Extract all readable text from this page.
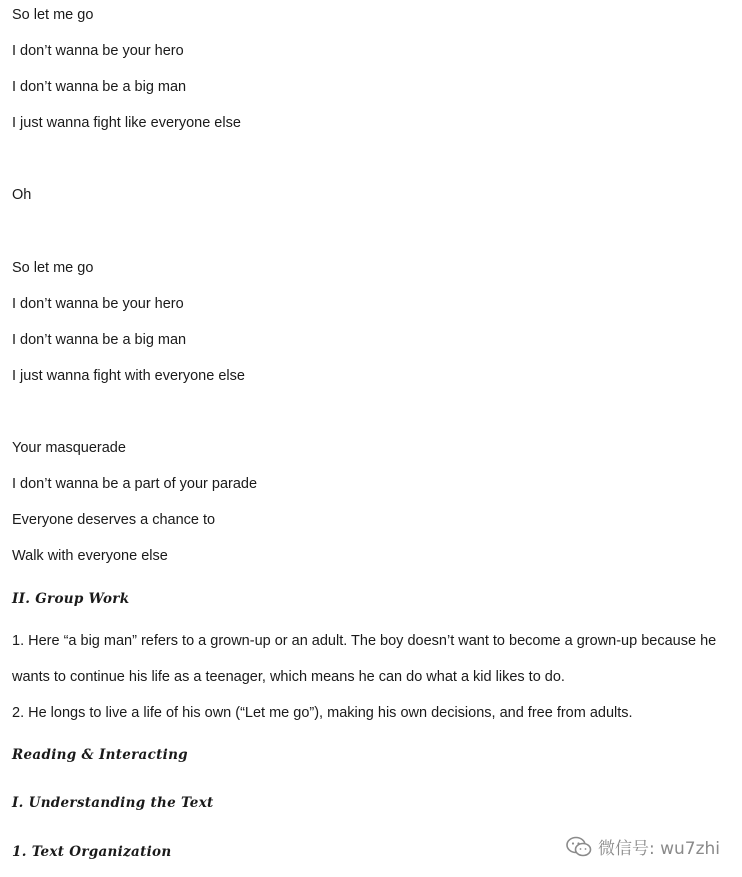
So let me go
I don’t wanna be your hero
I don’t wanna be a big man
I just wanna fight like everyone else
Oh
So let me go
I don’t wanna be your hero
I don’t wanna be a big man
I just wanna fight with everyone else
Your masquerade
I don’t wanna be a part of your parade
Everyone deserves a chance to
Walk with everyone else
II. Group Work
1. Here “a big man” refers to a grown-up or an adult. The boy doesn’t want to become a grown-up because he
wants to continue his life as a teenager, which means he can do what a kid likes to do.
2. He longs to live a life of his own (“Let me go”), making his own decisions, and free from adults.
Reading & Interacting
I. Understanding the Text
1. Text Organization	微信号: wu7zhi
